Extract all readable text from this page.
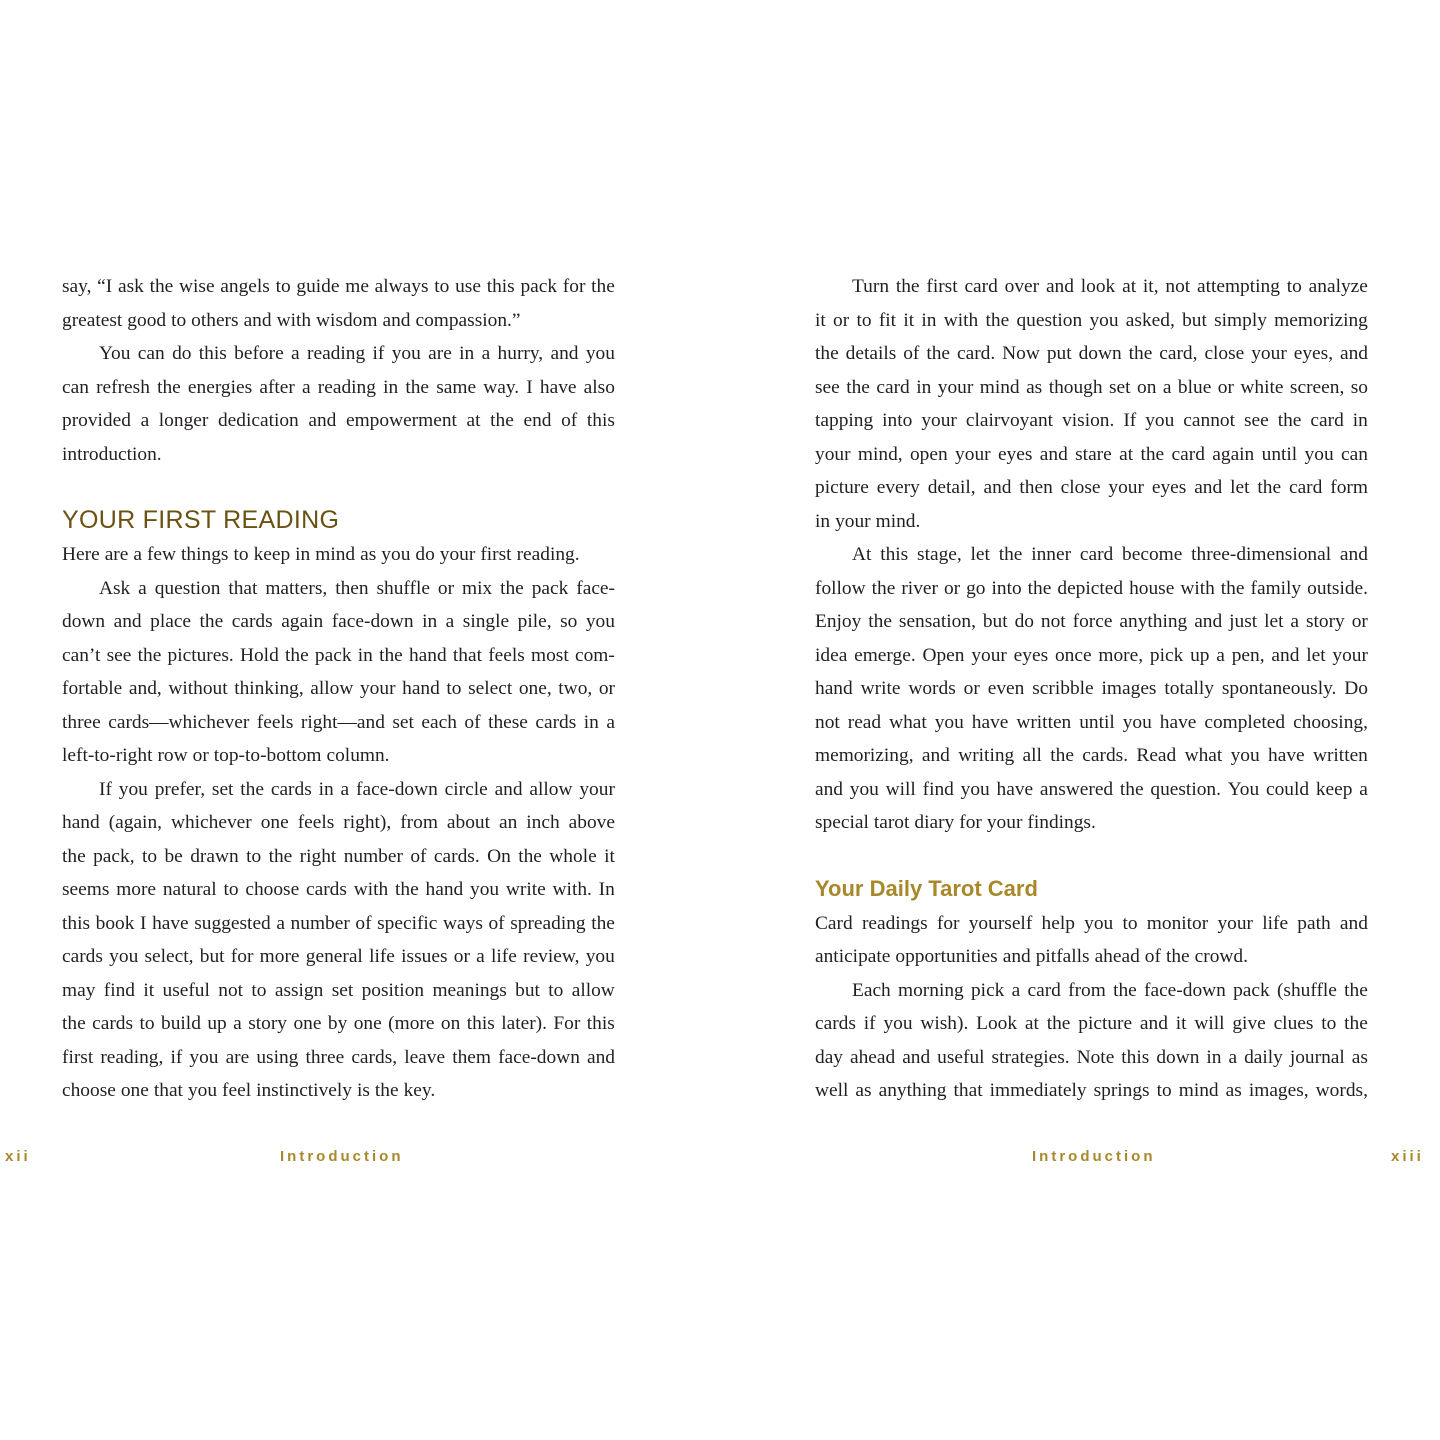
say, “I ask the wise angels to guide me always to use this pack for the
greatest good to others and with wisdom and compassion.”
You can do this before a reading if you are in a hurry, and you
can refresh the energies after a reading in the same way. I have also
provided a longer dedication and empowerment at the end of this
introduction.
YOUR FIRST READING
Here are a few things to keep in mind as you do your first reading.
Ask a question that matters, then shuffle or mix the pack face-
down and place the cards again face-down in a single pile, so you
can’t see the pictures. Hold the pack in the hand that feels most com-
fortable and, without thinking, allow your hand to select one, two, or
three cards—whichever feels right—and set each of these cards in a
left-to-right row or top-to-bottom column.
If you prefer, set the cards in a face-down circle and allow your
hand (again, whichever one feels right), from about an inch above
the pack, to be drawn to the right number of cards. On the whole it
seems more natural to choose cards with the hand you write with. In
this book I have suggested a number of specific ways of spreading the
cards you select, but for more general life issues or a life review, you
may find it useful not to assign set position meanings but to allow
the cards to build up a story one by one (more on this later). For this
first reading, if you are using three cards, leave them face-down and
choose one that you feel instinctively is the key.
xii	Introduction
Turn the first card over and look at it, not attempting to analyze
it or to fit it in with the question you asked, but simply memorizing
the details of the card. Now put down the card, close your eyes, and
see the card in your mind as though set on a blue or white screen, so
tapping into your clairvoyant vision. If you cannot see the card in
your mind, open your eyes and stare at the card again until you can
picture every detail, and then close your eyes and let the card form
in your mind.
At this stage, let the inner card become three-dimensional and
follow the river or go into the depicted house with the family outside.
Enjoy the sensation, but do not force anything and just let a story or
idea emerge. Open your eyes once more, pick up a pen, and let your
hand write words or even scribble images totally spontaneously. Do
not read what you have written until you have completed choosing,
memorizing, and writing all the cards. Read what you have written
and you will find you have answered the question. You could keep a
special tarot diary for your findings.
Your Daily Tarot Card
Card readings for yourself help you to monitor your life path and
anticipate opportunities and pitfalls ahead of the crowd.
Each morning pick a card from the face-down pack (shuffle the
cards if you wish). Look at the picture and it will give clues to the
day ahead and useful strategies. Note this down in a daily journal as
well as anything that immediately springs to mind as images, words,
Introduction	xiii
